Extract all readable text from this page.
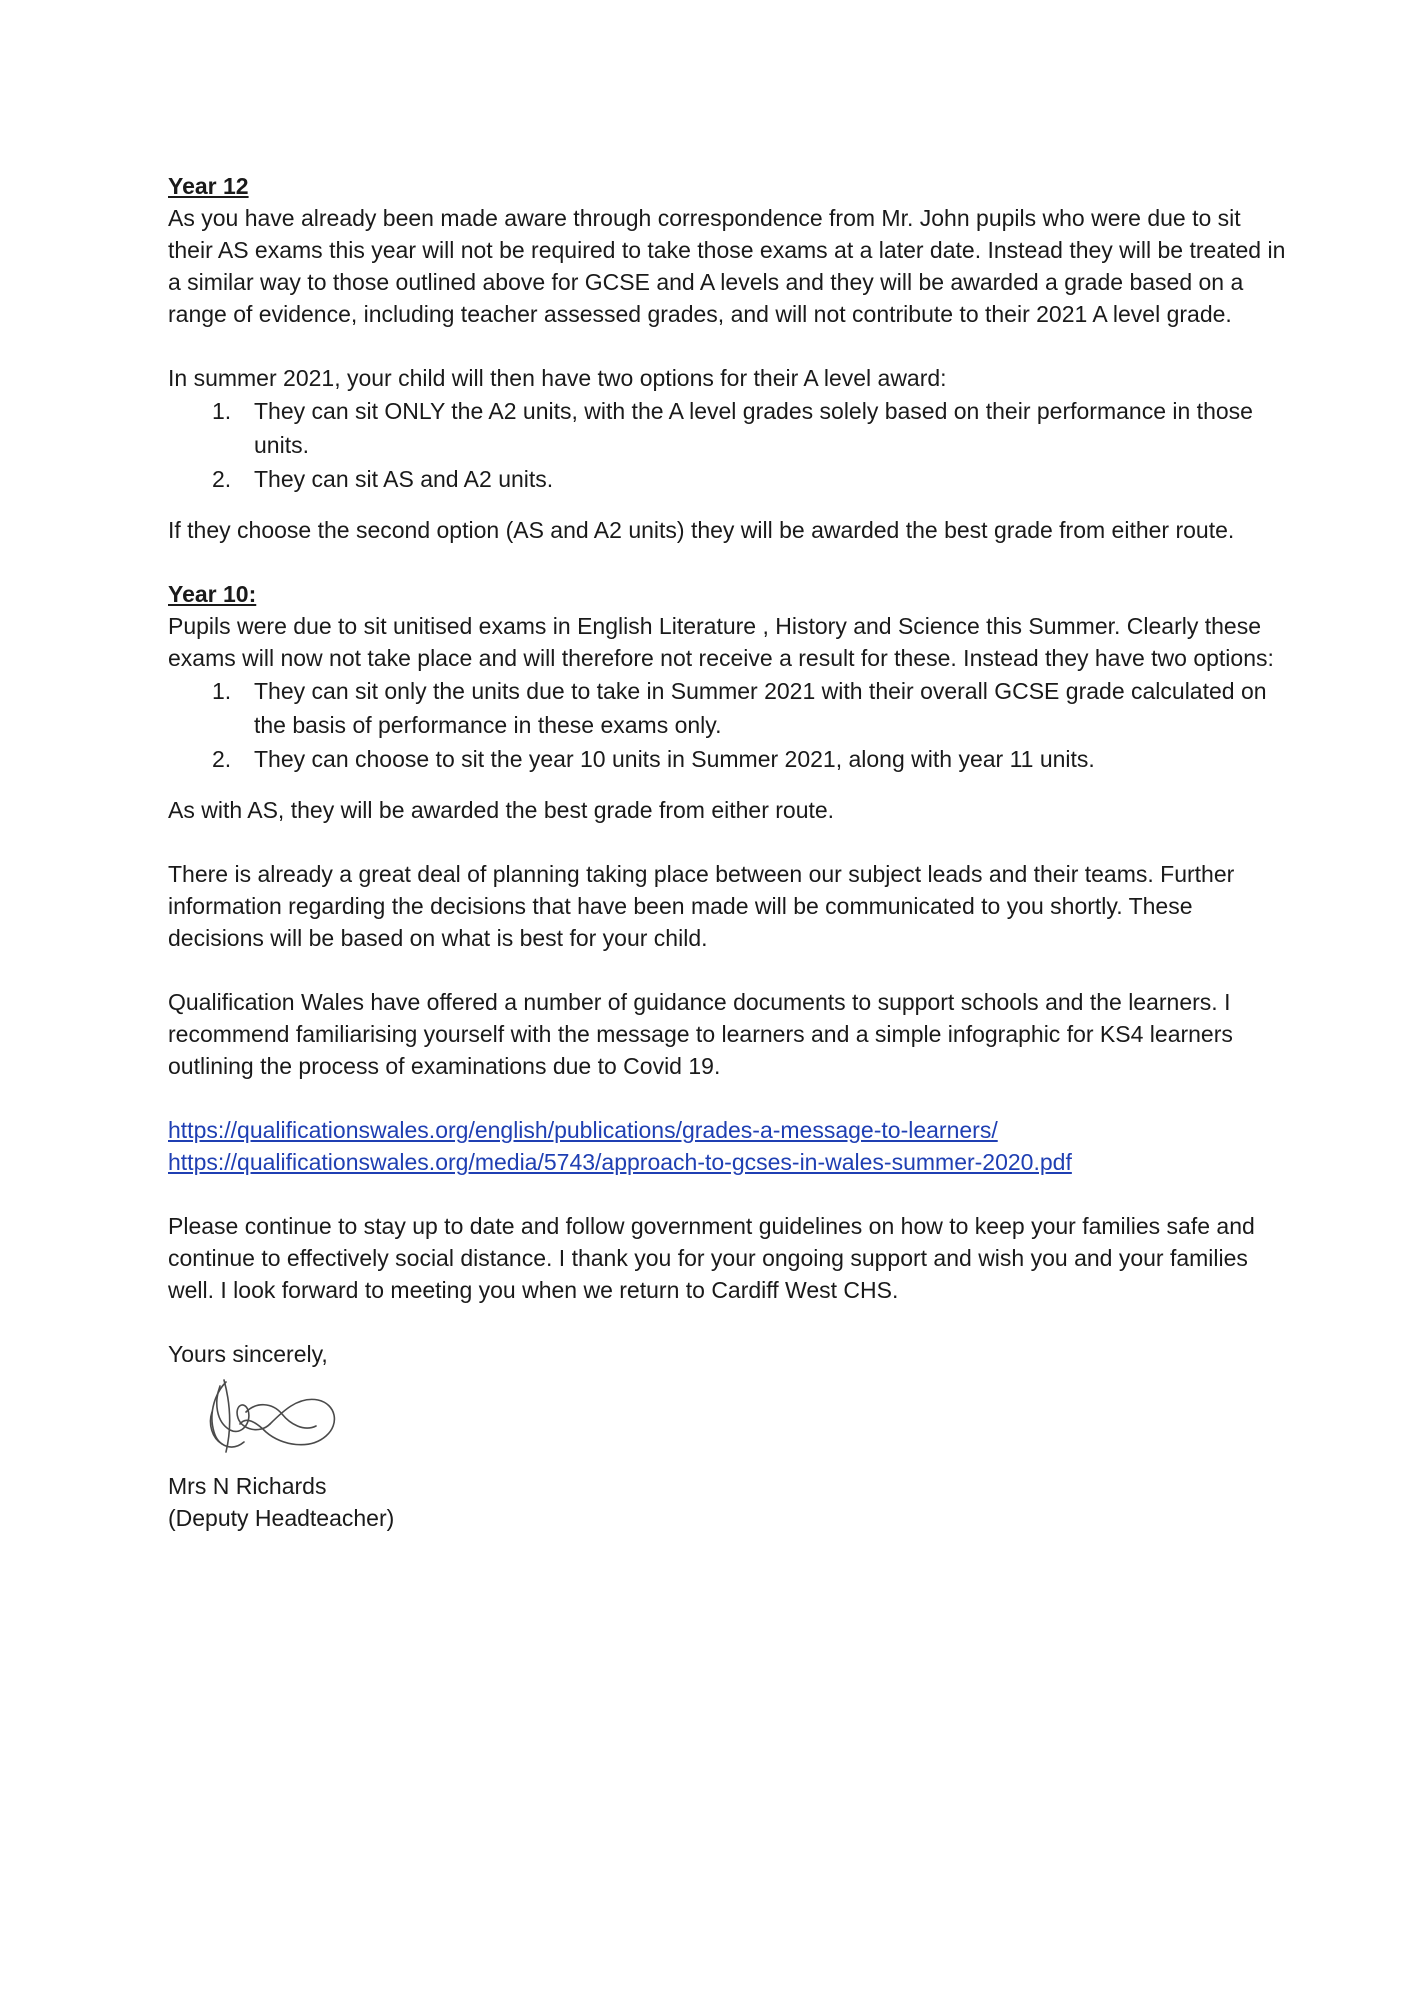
Year 12

As you have already been made aware through correspondence from Mr. John pupils who were due to sit their AS exams this year will not be required to take those exams at a later date. Instead they will be treated in a similar way to those outlined above for GCSE and A levels and they will be awarded a grade based on a range of evidence, including teacher assessed grades, and will not contribute to their 2021 A level grade.

In summer 2021, your child will then have two options for their A level award:

1. They can sit ONLY the A2 units, with the A level grades solely based on their performance in those units.
2. They can sit AS and A2 units.

If they choose the second option (AS and A2 units) they will be awarded the best grade from either route.

Year 10:

Pupils were due to sit unitised exams in English Literature , History and Science this Summer. Clearly these exams will now not take place and will therefore not receive a result for these. Instead they have two options:

1. They can sit only the units due to take in Summer 2021 with their overall GCSE grade calculated on the basis of performance in these exams only.
2. They can choose to sit the year 10 units in Summer 2021, along with year 11 units.

As with AS, they will be awarded the best grade from either route.

There is already a great deal of planning taking place between our subject leads and their teams. Further information regarding the decisions that have been made will be communicated to you shortly. These decisions will be based on what is best for your child.

Qualification Wales have offered a number of guidance documents to support schools and the learners. I recommend familiarising yourself with the message to learners and a simple infographic for KS4 learners outlining the process of examinations due to Covid 19.

https://qualificationswales.org/english/publications/grades-a-message-to-learners/
https://qualificationswales.org/media/5743/approach-to-gcses-in-wales-summer-2020.pdf

Please continue to stay up to date and follow government guidelines on how to keep your families safe and continue to effectively social distance. I thank you for your ongoing support and wish you and your families well. I look forward to meeting you when we return to Cardiff West CHS.

Yours sincerely,

Mrs N Richards

(Deputy Headteacher)
